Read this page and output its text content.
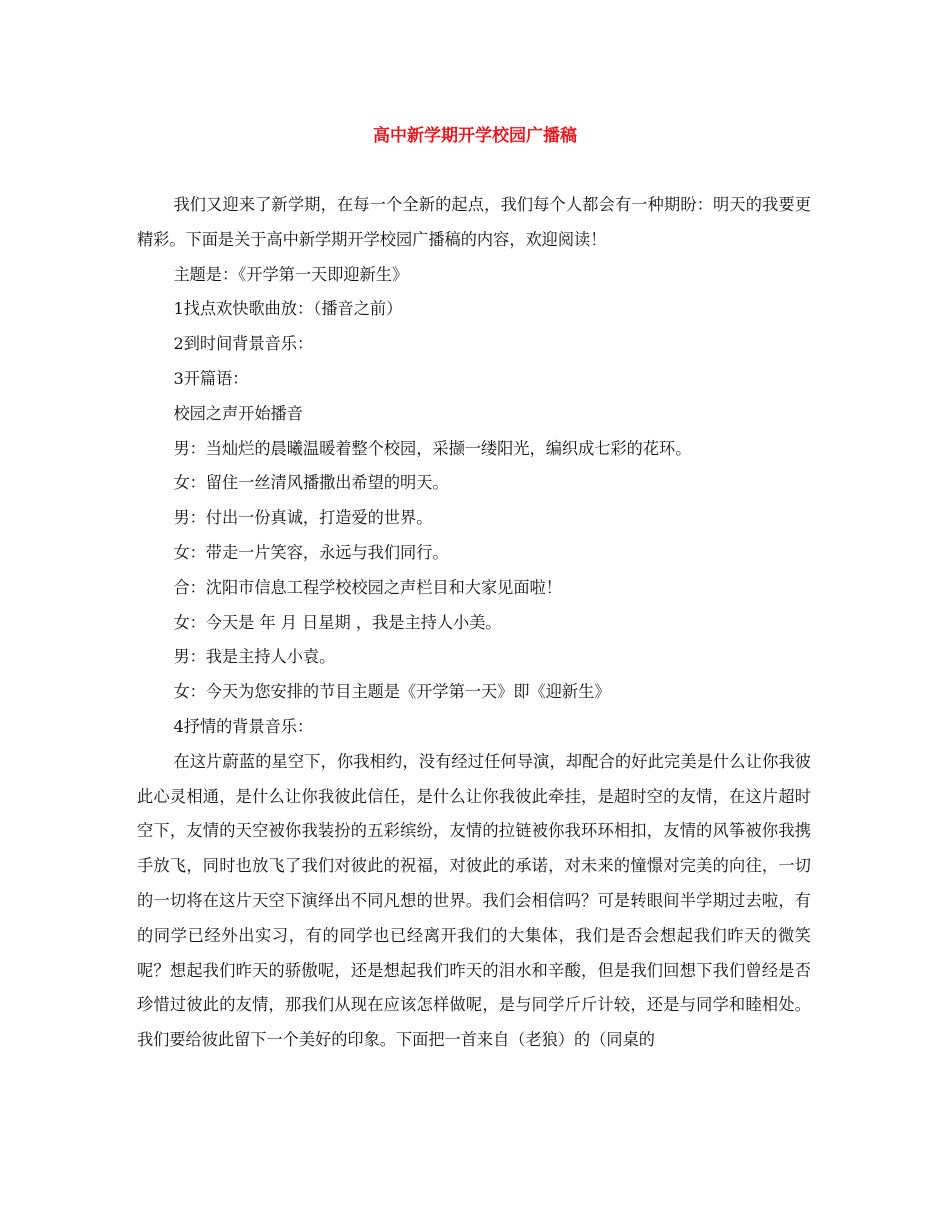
高中新学期开学校园广播稿

我们又迎来了新学期，在每一个全新的起点，我们每个人都会有一种期盼：明天的我要更精彩。下面是关于高中新学期开学校园广播稿的内容，欢迎阅读！

主题是：《开学第一天即迎新生》

1找点欢快歌曲放：（播音之前）

2到时间背景音乐：

3开篇语：

校园之声开始播音

男：当灿烂的晨曦温暖着整个校园，采撷一缕阳光，编织成七彩的花环。

女：留住一丝清风播撒出希望的明天。

男：付出一份真诚，打造爱的世界。

女：带走一片笑容，永远与我们同行。

合：沈阳市信息工程学校校园之声栏目和大家见面啦！

女：今天是 年 月 日星期 ，我是主持人小美。

男：我是主持人小袁。

女：今天为您安排的节目主题是《开学第一天》即《迎新生》

4抒情的背景音乐：

在这片蔚蓝的星空下，你我相约，没有经过任何导演，却配合的好此完美是什么让你我彼此心灵相通，是什么让你我彼此信任，是什么让你我彼此牵挂，是超时空的友情，在这片超时空下，友情的天空被你我装扮的五彩缤纷，友情的拉链被你我环环相扣，友情的风筝被你我携手放飞，同时也放飞了我们对彼此的祝福，对彼此的承诺，对未来的憧憬对完美的向往，一切的一切将在这片天空下演绎出不同凡想的世界。我们会相信吗？可是转眼间半学期过去啦，有的同学已经外出实习，有的同学也已经离开我们的大集体，我们是否会想起我们昨天的微笑呢？想起我们昨天的骄傲呢，还是想起我们昨天的泪水和辛酸，但是我们回想下我们曾经是否珍惜过彼此的友情，那我们从现在应该怎样做呢，是与同学斤斤计较，还是与同学和睦相处。我们要给彼此留下一个美好的印象。下面把一首来自（老狼）的（同桌的
